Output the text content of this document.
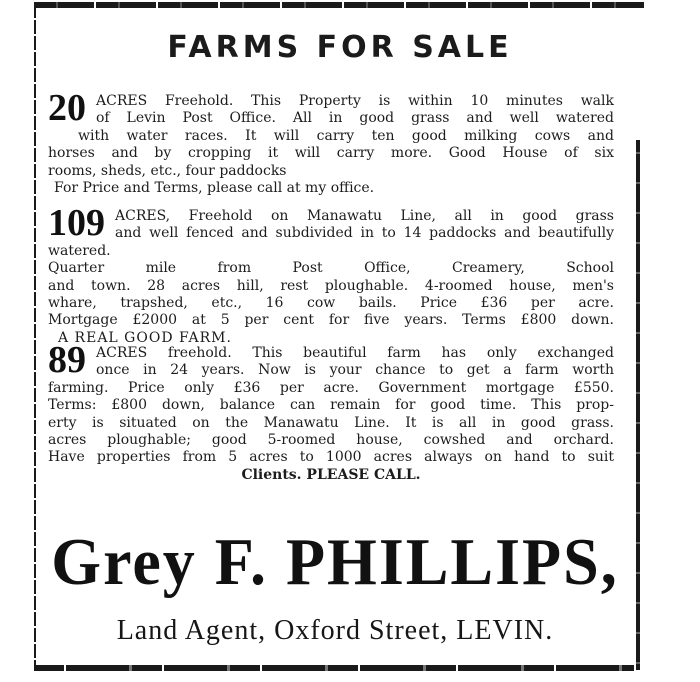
FARMS FOR SALE
20 ACRES Freehold. This Property is within 10 minutes walk
of Levin Post Office. All in good grass and well watered
with water races. It will carry ten good milking cows and
horses and by cropping it will carry more. Good House of six
rooms, sheds, etc., four paddocks
For Price and Terms, please call at my office.
109 ACRES, Freehold on Manawatu Line, all in good grass
and well fenced and subdivided in to 14 paddocks and beautifully watered.
Quarter mile from Post Office, Creamery, School
and town. 28 acres hill, rest ploughable. 4-roomed house, men's
whare, trapshed, etc., 16 cow bails. Price £36 per acre.
Mortgage £2000 at 5 per cent for five years. Terms £800 down.
A REAL GOOD FARM.
89 ACRES freehold. This beautiful farm has only exchanged
once in 24 years. Now is your chance to get a farm worth
farming. Price only £36 per acre. Government mortgage £550.
Terms: £800 down, balance can remain for good time. This prop-
erty is situated on the Manawatu Line. It is all in good grass.
acres ploughable; good 5-roomed house, cowshed and orchard.
Have properties from 5 acres to 1000 acres always on hand to suit
Clients. PLEASE CALL.
Grey F. PHILLIPS,
Land Agent, Oxford Street, LEVIN.
